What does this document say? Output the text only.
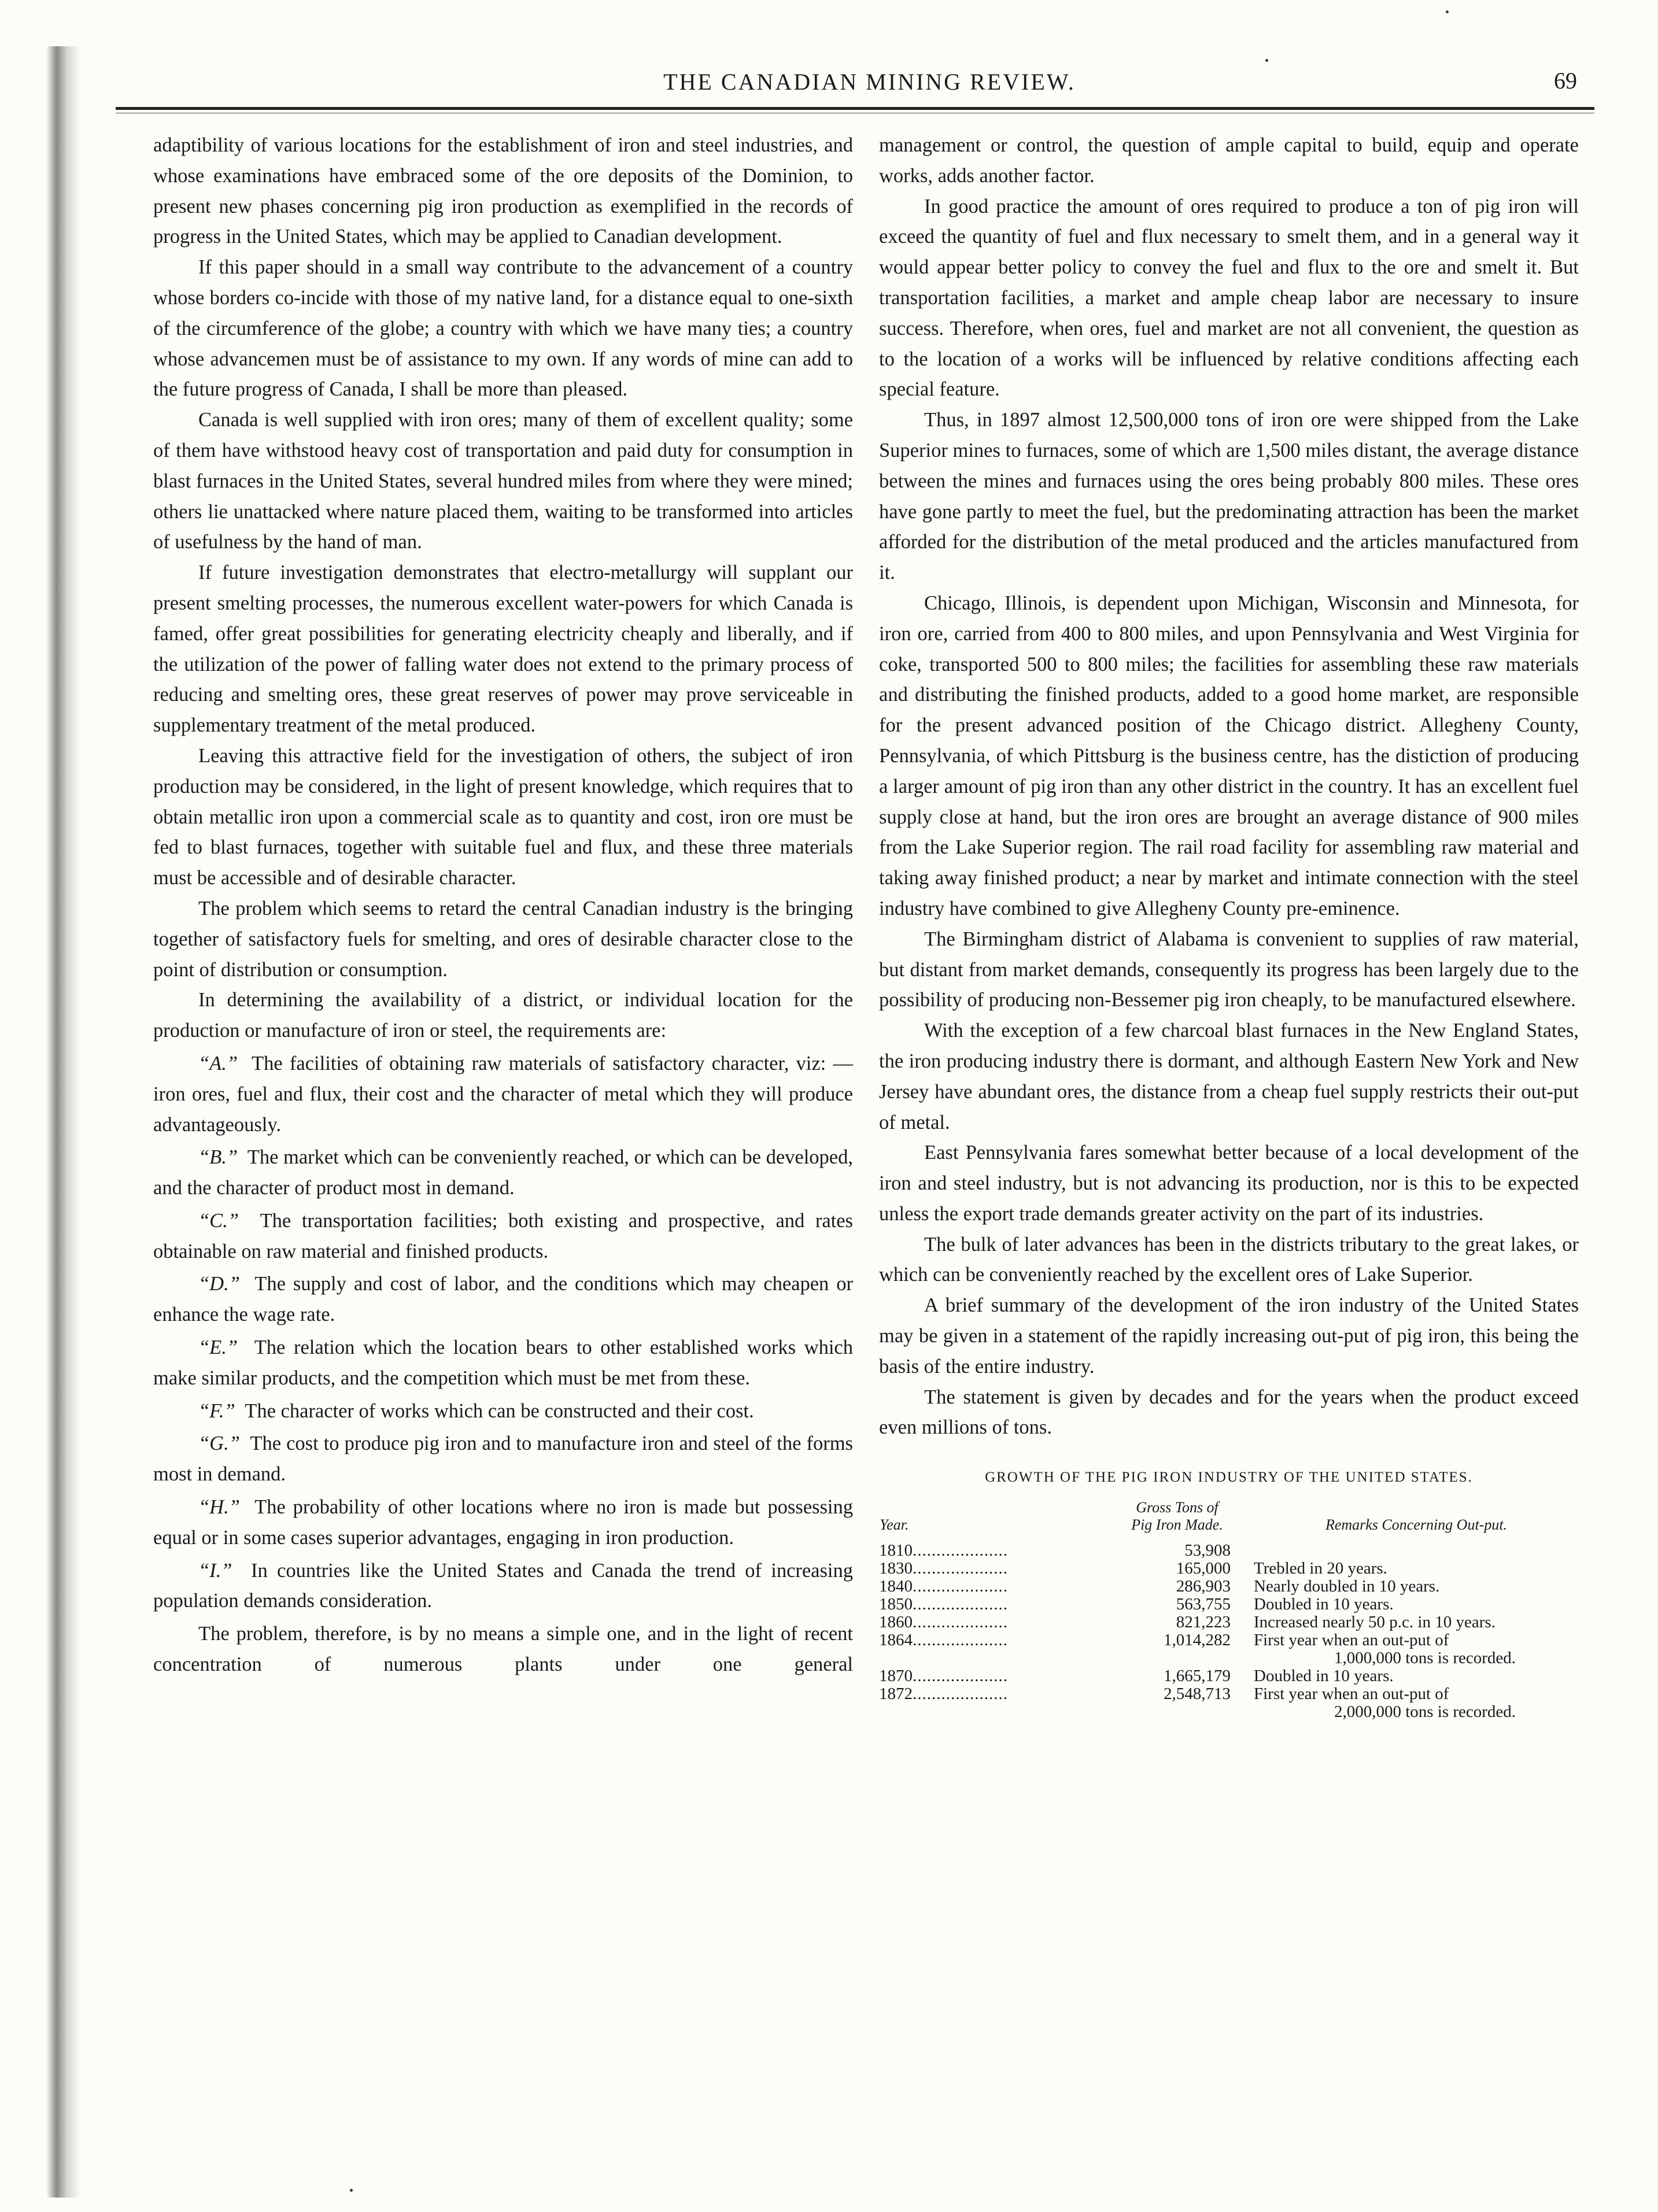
THE CANADIAN MINING REVIEW.	69

adaptibility of various locations for the establishment of iron and steel industries, and whose examinations have embraced some of the ore deposits of the Dominion, to present new phases concerning pig iron production as exemplified in the records of progress in the United States, which may be applied to Canadian development.

If this paper should in a small way contribute to the advancement of a country whose borders co-incide with those of my native land, for a distance equal to one-sixth of the circumference of the globe; a country with which we have many ties; a country whose advancemen must be of assistance to my own. If any words of mine can add to the future progress of Canada, I shall be more than pleased.

Canada is well supplied with iron ores; many of them of excellent quality; some of them have withstood heavy cost of transportation and paid duty for consumption in blast furnaces in the United States, several hundred miles from where they were mined; others lie unattacked where nature placed them, waiting to be transformed into articles of usefulness by the hand of man.

If future investigation demonstrates that electro-metallurgy will supplant our present smelting processes, the numerous excellent water-powers for which Canada is famed, offer great possibilities for generating electricity cheaply and liberally, and if the utilization of the power of falling water does not extend to the primary process of reducing and smelting ores, these great reserves of power may prove serviceable in supplementary treatment of the metal produced.

Leaving this attractive field for the investigation of others, the subject of iron production may be considered, in the light of present knowledge, which requires that to obtain metallic iron upon a commercial scale as to quantity and cost, iron ore must be fed to blast furnaces, together with suitable fuel and flux, and these three materials must be accessible and of desirable character.

The problem which seems to retard the central Canadian industry is the bringing together of satisfactory fuels for smelting, and ores of desirable character close to the point of distribution or consumption.

In determining the availability of a district, or individual location for the production or manufacture of iron or steel, the requirements are:

“A.” The facilities of obtaining raw materials of satisfactory character, viz: —iron ores, fuel and flux, their cost and the character of metal which they will produce advantageously.

“B.” The market which can be conveniently reached, or which can be developed, and the character of product most in demand.

“C.” The transportation facilities; both existing and prospective, and rates obtainable on raw material and finished products.

“D.” The supply and cost of labor, and the conditions which may cheapen or enhance the wage rate.

“E.” The relation which the location bears to other established works which make similar products, and the competition which must be met from these.

“F.” The character of works which can be constructed and their cost.

“G.” The cost to produce pig iron and to manufacture iron and steel of the forms most in demand.

“H.” The probability of other locations where no iron is made but possessing equal or in some cases superior advantages, engaging in iron production.

“I.” In countries like the United States and Canada the trend of increasing population demands consideration.

The problem, therefore, is by no means a simple one, and in the light of recent concentration of numerous plants under one general

management or control, the question of ample capital to build, equip and operate works, adds another factor.

In good practice the amount of ores required to produce a ton of pig iron will exceed the quantity of fuel and flux necessary to smelt them, and in a general way it would appear better policy to convey the fuel and flux to the ore and smelt it. But transportation facilities, a market and ample cheap labor are necessary to insure success. Therefore, when ores, fuel and market are not all convenient, the question as to the location of a works will be influenced by relative conditions affecting each special feature.

Thus, in 1897 almost 12,500,000 tons of iron ore were shipped from the Lake Superior mines to furnaces, some of which are 1,500 miles distant, the average distance between the mines and furnaces using the ores being probably 800 miles. These ores have gone partly to meet the fuel, but the predominating attraction has been the market afforded for the distribution of the metal produced and the articles manufactured from it.

Chicago, Illinois, is dependent upon Michigan, Wisconsin and Minnesota, for iron ore, carried from 400 to 800 miles, and upon Pennsylvania and West Virginia for coke, transported 500 to 800 miles; the facilities for assembling these raw materials and distributing the finished products, added to a good home market, are responsible for the present advanced position of the Chicago district. Allegheny County, Pennsylvania, of which Pittsburg is the business centre, has the distiction of producing a larger amount of pig iron than any other district in the country. It has an excellent fuel supply close at hand, but the iron ores are brought an average distance of 900 miles from the Lake Superior region. The rail road facility for assembling raw material and taking away finished product; a near by market and intimate connection with the steel industry have combined to give Allegheny County pre-eminence.

The Birmingham district of Alabama is convenient to supplies of raw material, but distant from market demands, consequently its progress has been largely due to the possibility of producing non-Bessemer pig iron cheaply, to be manufactured elsewhere.

With the exception of a few charcoal blast furnaces in the New England States, the iron producing industry there is dormant, and although Eastern New York and New Jersey have abundant ores, the distance from a cheap fuel supply restricts their out-put of metal.

East Pennsylvania fares somewhat better because of a local development of the iron and steel industry, but is not advancing its production, nor is this to be expected unless the export trade demands greater activity on the part of its industries.

The bulk of later advances has been in the districts tributary to the great lakes, or which can be conveniently reached by the excellent ores of Lake Superior.

A brief summary of the development of the iron industry of the United States may be given in a statement of the rapidly increasing out-put of pig iron, this being the basis of the entire industry.

The statement is given by decades and for the years when the product exceed even millions of tons.

GROWTH OF THE PIG IRON INDUSTRY OF THE UNITED STATES.
Year.	Gross Tons of Pig Iron Made.	Remarks Concerning Out-put.
1810....................	53,908	

1830....................	165,000	Trebled in 20 years.

1840....................	286,903	Nearly doubled in 10 years.

1850....................	563,755	Doubled in 10 years.

1860....................	821,223	Increased nearly 50 p.c. in 10 years.

1864....................	1,014,282	First year when an out-put of
1,000,000 tons is recorded.

1870....................	1,665,179	Doubled in 10 years.

1872....................	2,548,713	First year when an out-put of
2,000,000 tons is recorded.
